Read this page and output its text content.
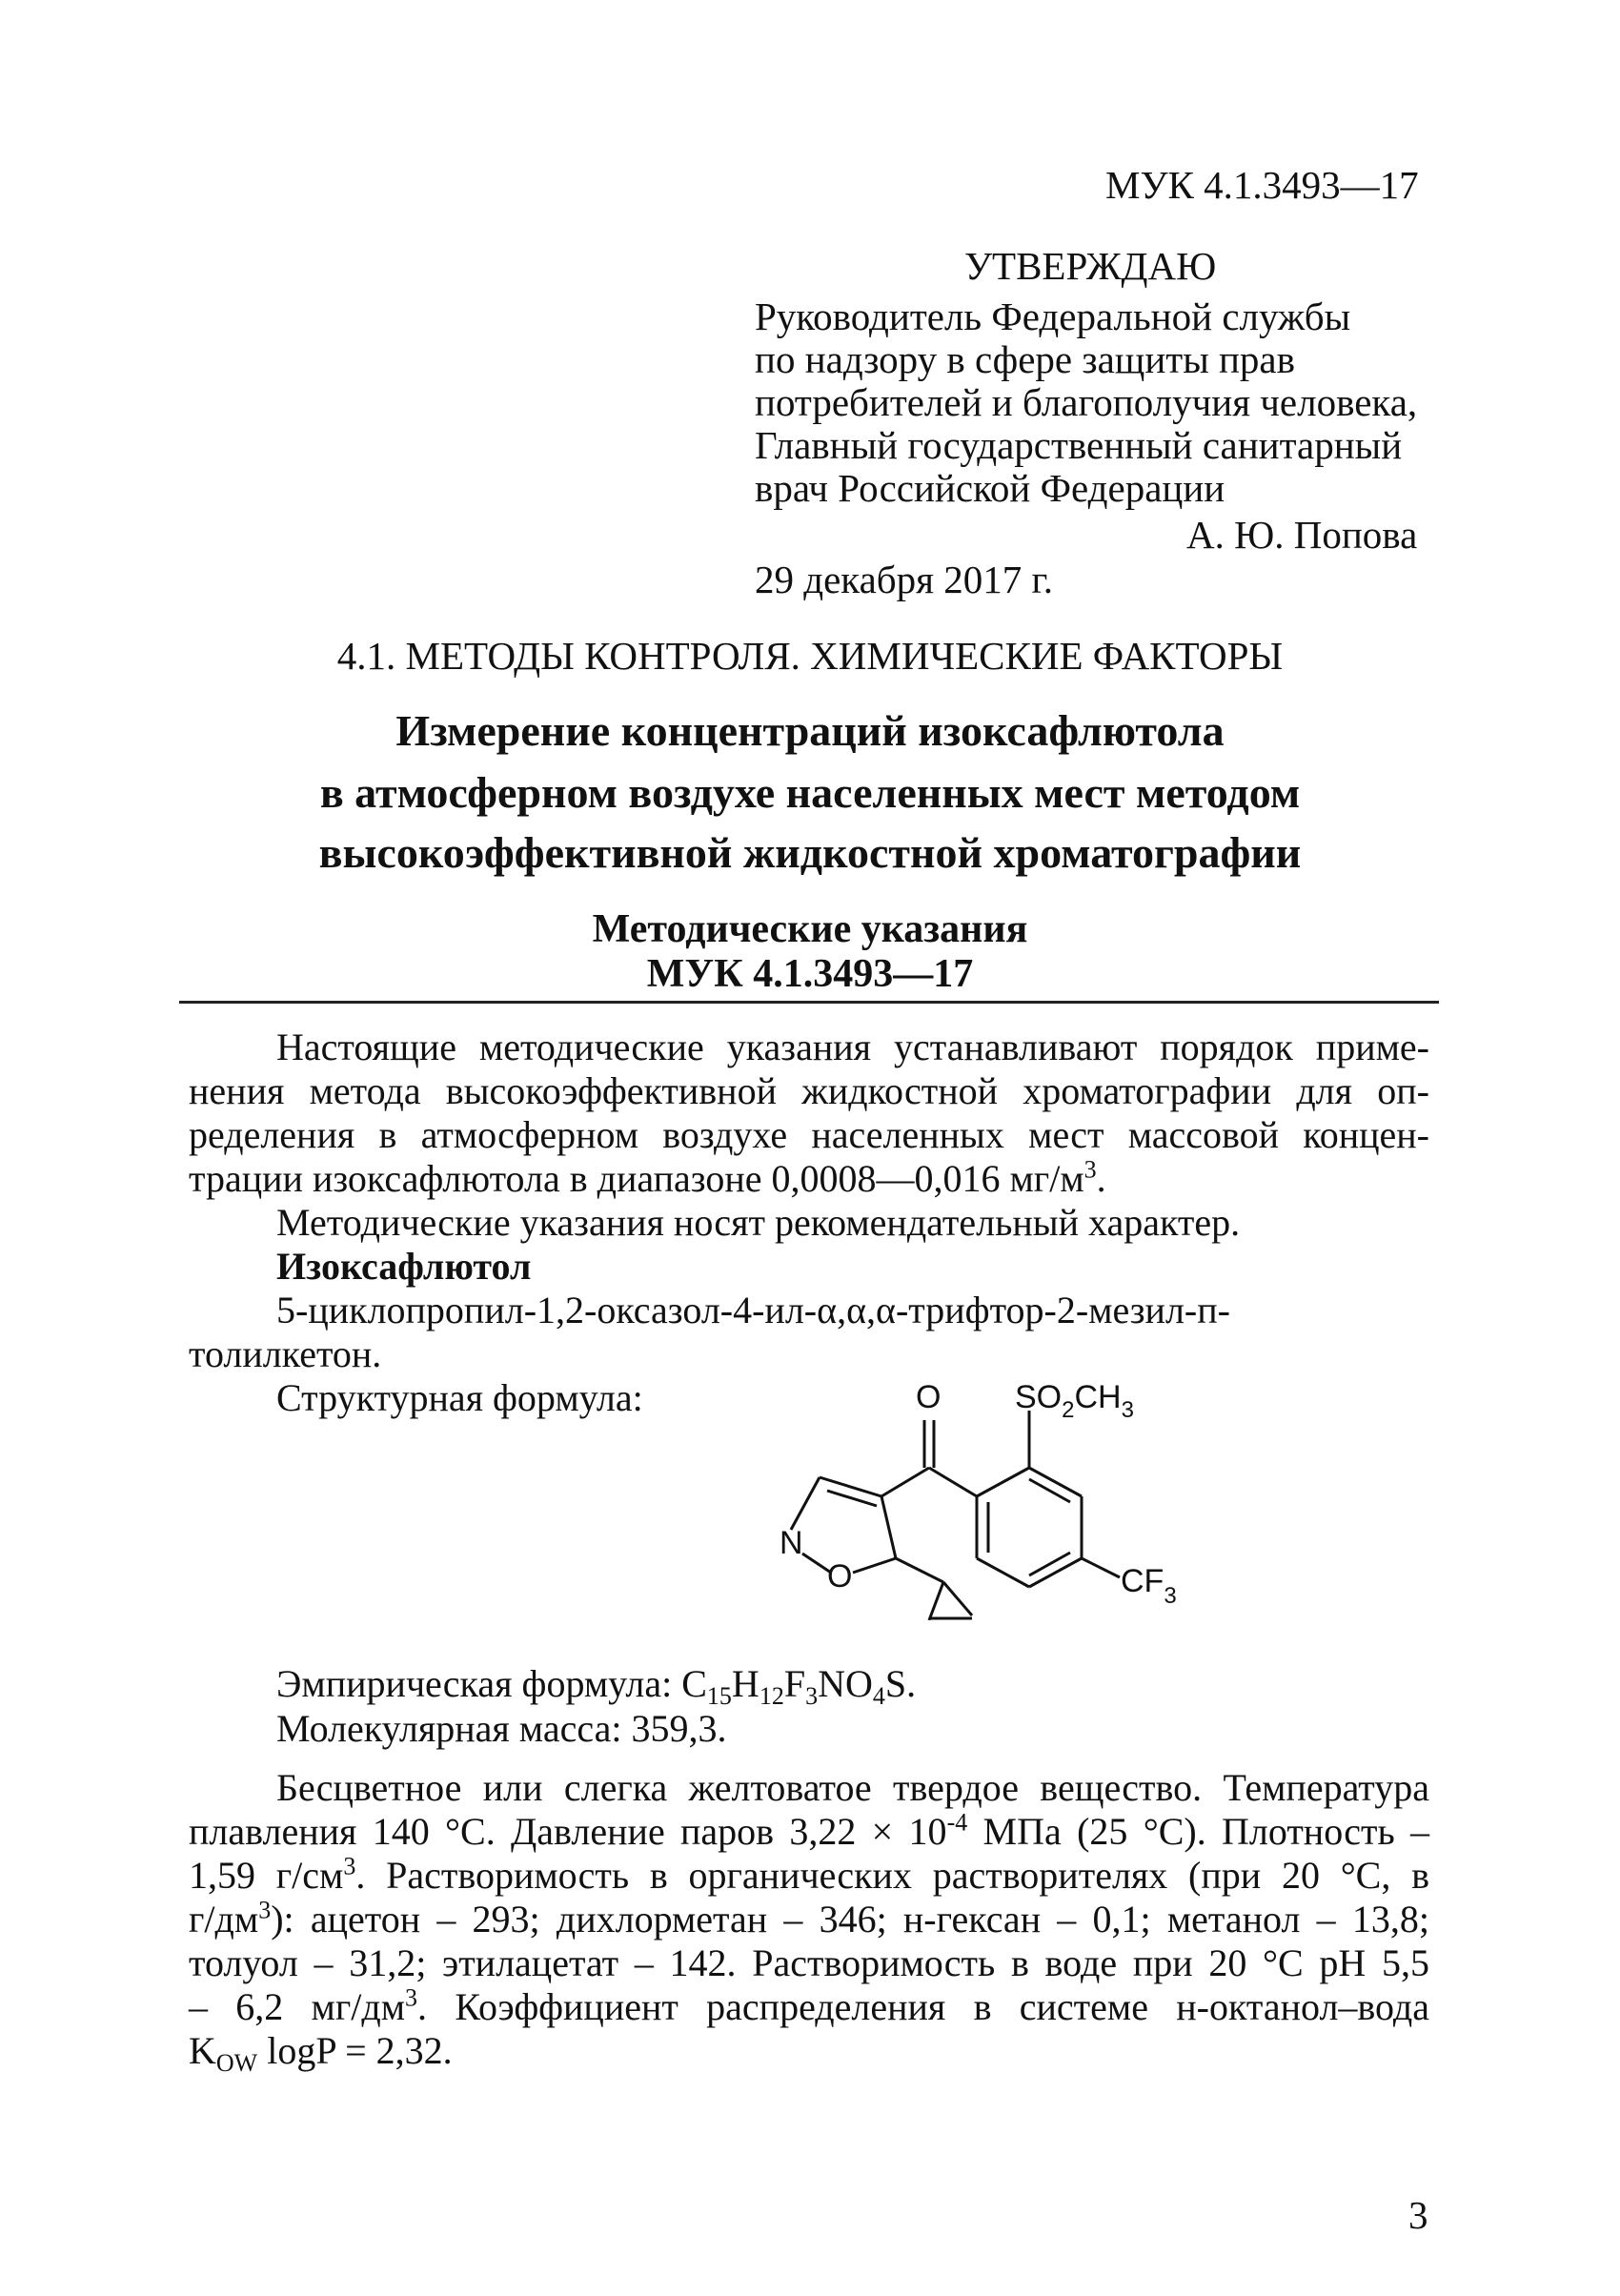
МУК 4.1.3493—17
УТВЕРЖДАЮ
Руководитель Федеральной службы
по надзору в сфере защиты прав
потребителей и благополучия человека,
Главный государственный санитарный
врач Российской Федерации
А. Ю. Попова
29 декабря 2017 г.
4.1. МЕТОДЫ КОНТРОЛЯ. ХИМИЧЕСКИЕ ФАКТОРЫ
Измерение концентраций изоксафлютола
в атмосферном воздухе населенных мест методом
высокоэффективной жидкостной хроматографии
Методические указания
МУК 4.1.3493—17
Настоящие методические указания устанавливают порядок приме-
нения метода высокоэффективной жидкостной хроматографии для оп-
ределения в атмосферном воздухе населенных мест массовой концен-
трации изоксафлютола в диапазоне 0,0008—0,016 $мг/м^3$.
Методические указания носят рекомендательный характер.
Изоксафлютол
5-циклопропил-1,2-оксазол-4-ил-α,α,α-трифтор-2-мезил-п-
толилкетон.
Структурная формула:	O $SO_2CH_3$
N
O	$CF_3$
Эмпирическая формула: $C_{15}H_{12}F_3NO_4S$.
Молекулярная масса: 359,3.
Бесцветное или слегка желтоватое твердое вещество. Температура
плавления 140 °C. Давление паров $3,22 \times 10^{-4}$ МПа (25 °C). Плотность –
1,59 $г/см^3$. Растворимость в органических растворителях (при 20 °C, в
$г/дм^3$): ацетон – 293; дихлорметан – 346; н-гексан – 0,1; метанол – 13,8;
толуол – 31,2; этилацетат – 142. Растворимость в воде при 20 °C pH 5,5
– 6,2 $мг/дм^3$. Коэффициент распределения в системе н-октанол–вода
$K_{OW}$ logP = 2,32.
3
